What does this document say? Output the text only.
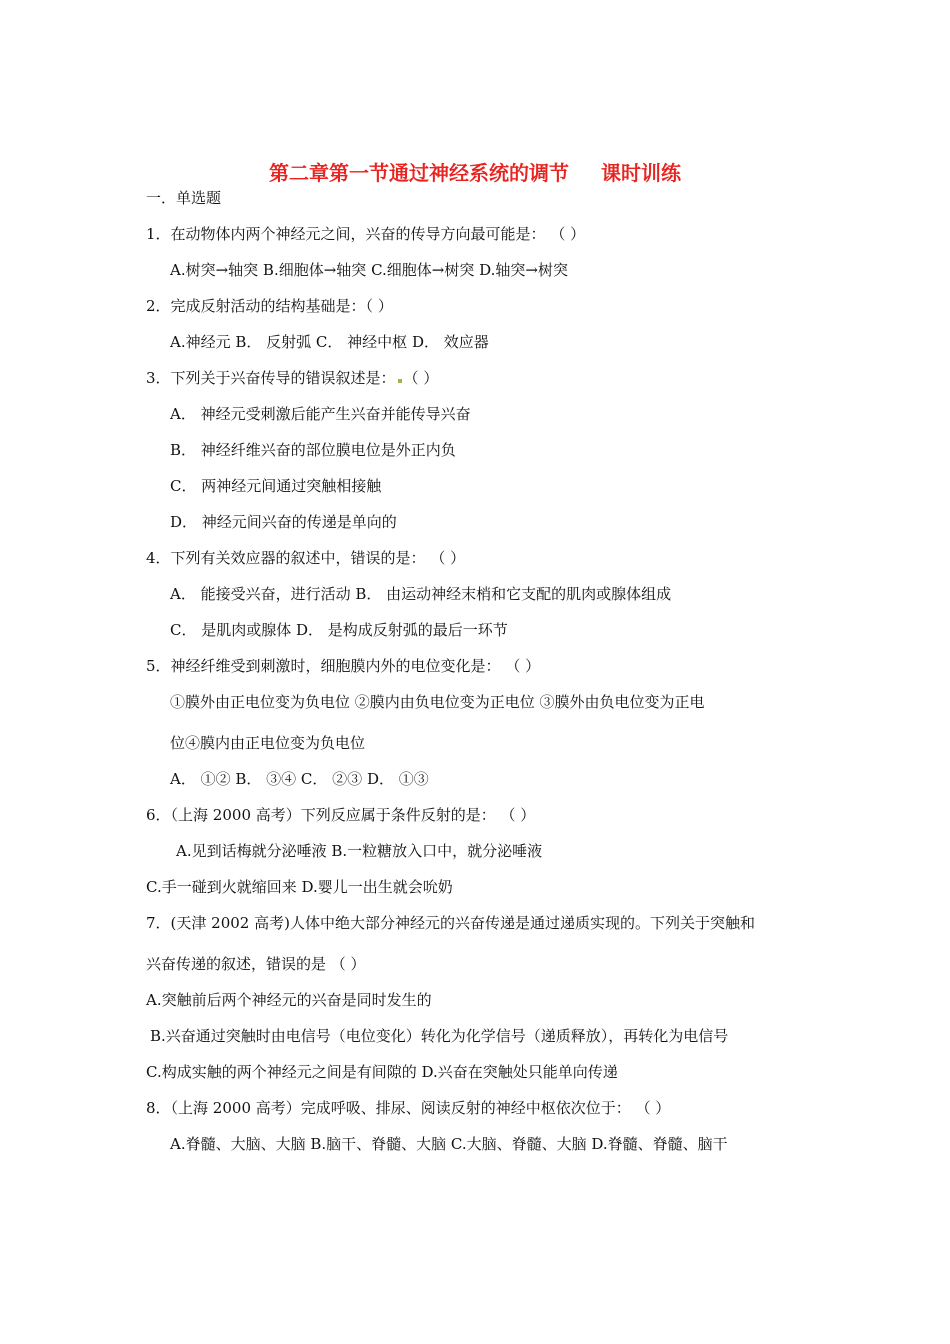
第二章第一节通过神经系统的调节 课时训练
一．单选题
1．在动物体内两个神经元之间，兴奋的传导方向最可能是： （ ）
A.树突→轴突 B.细胞体→轴突 C.细胞体→树突 D.轴突→树突
2．完成反射活动的结构基础是：（ ）
A.神经元 B． 反射弧 C． 神经中枢 D． 效应器
3．下列关于兴奋传导的错误叙述是： （ ）
A． 神经元受刺激后能产生兴奋并能传导兴奋
B． 神经纤维兴奋的部位膜电位是外正内负
C． 两神经元间通过突触相接触
D． 神经元间兴奋的传递是单向的
4．下列有关效应器的叙述中，错误的是： （ ）
A． 能接受兴奋，进行活动 B． 由运动神经末梢和它支配的肌肉或腺体组成
C． 是肌肉或腺体 D． 是构成反射弧的最后一环节
5．神经纤维受到刺激时，细胞膜内外的电位变化是： （ ）
①膜外由正电位变为负电位 ②膜内由负电位变为正电位 ③膜外由负电位变为正电
位④膜内由正电位变为负电位
A． ①② B． ③④ C． ②③ D． ①③
6．（上海 2000 高考）下列反应属于条件反射的是： （ ）
A.见到话梅就分泌唾液 B.一粒糖放入口中，就分泌唾液
C.手一碰到火就缩回来 D.婴儿一出生就会吮奶
7．(天津 2002 高考)人体中绝大部分神经元的兴奋传递是通过递质实现的。下列关于突触和
兴奋传递的叙述，错误的是 （ ）
A.突触前后两个神经元的兴奋是同时发生的
B.兴奋通过突触时由电信号（电位变化）转化为化学信号（递质释放），再转化为电信号
C.构成实触的两个神经元之间是有间隙的 D.兴奋在突触处只能单向传递
8．（上海 2000 高考）完成呼吸、排尿、阅读反射的神经中枢依次位于： （ ）
A.脊髓、大脑、大脑 B.脑干、脊髓、大脑 C.大脑、脊髓、大脑 D.脊髓、脊髓、脑干
